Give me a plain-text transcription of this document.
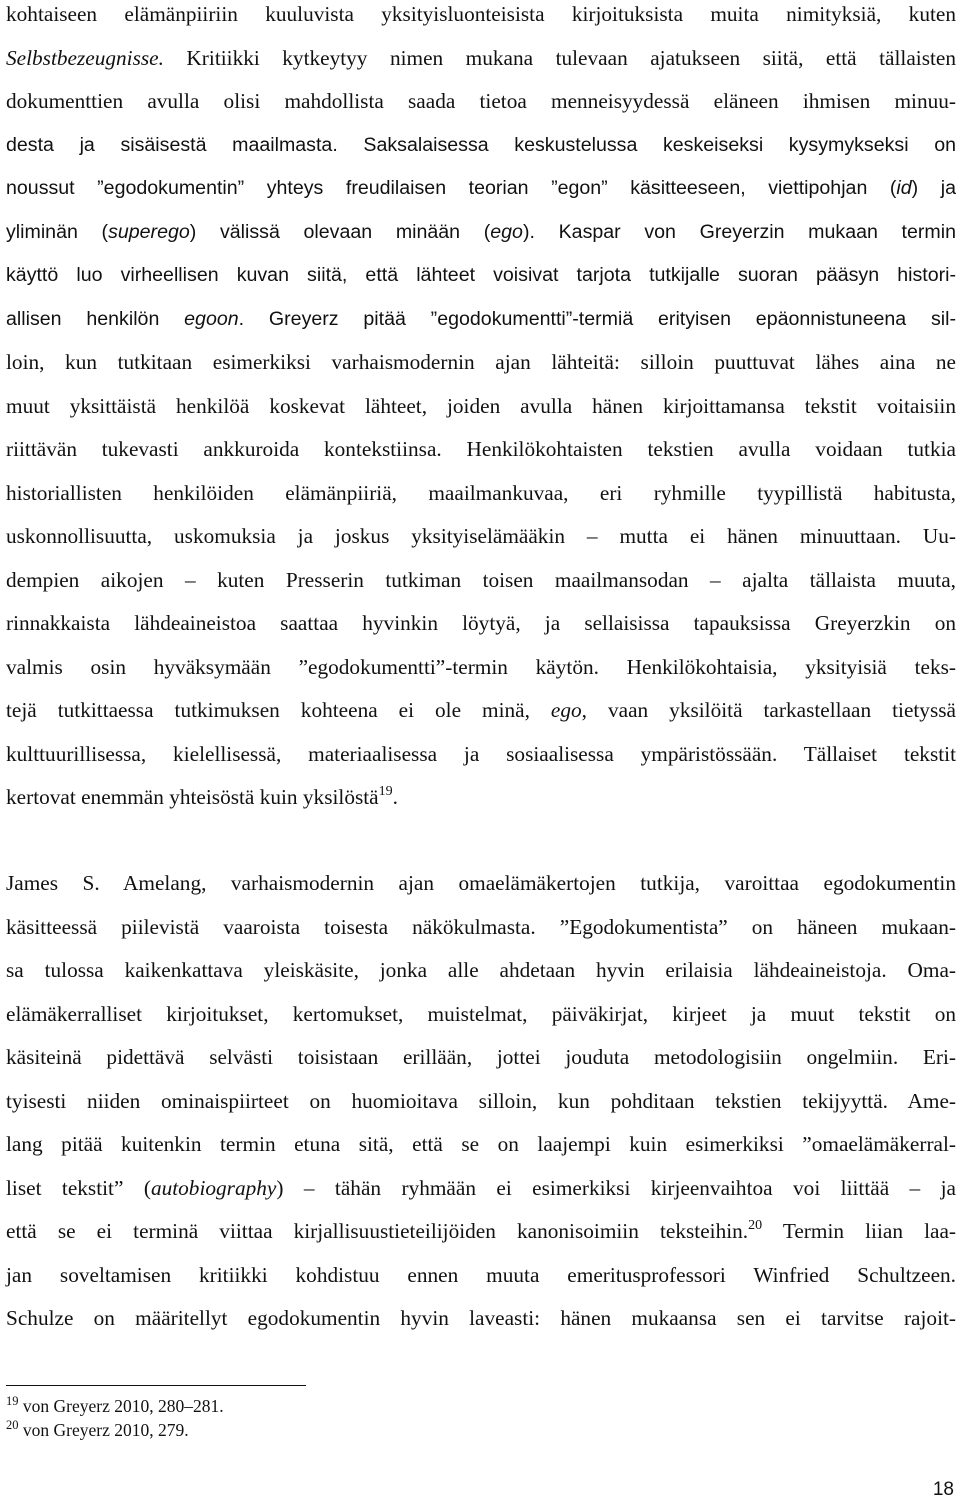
kohtaiseen elämänpiiriin kuuluvista yksityisluonteisista kirjoituksista muita nimityksiä, kuten
Selbstbezeugnisse. Kritiikki kytkeytyy nimen mukana tulevaan ajatukseen siitä, että tällaisten
dokumenttien avulla olisi mahdollista saada tietoa menneisyydessä eläneen ihmisen minuu-
desta ja sisäisestä maailmasta. Saksalaisessa keskustelussa keskeiseksi kysymykseksi on
noussut ”egodokumentin” yhteys freudilaisen teorian ”egon” käsitteeseen, viettipohjan (id) ja
yliminän (superego) välissä olevaan minään (ego). Kaspar von Greyerzin mukaan termin
käyttö luo virheellisen kuvan siitä, että lähteet voisivat tarjota tutkijalle suoran pääsyn histori-
allisen henkilön egoon. Greyerz pitää ”egodokumentti”-termiä erityisen epäonnistuneena sil-
loin, kun tutkitaan esimerkiksi varhaismodernin ajan lähteitä: silloin puuttuvat lähes aina ne
muut yksittäistä henkilöä koskevat lähteet, joiden avulla hänen kirjoittamansa tekstit voitaisiin
riittävän tukevasti ankkuroida kontekstiinsa. Henkilökohtaisten tekstien avulla voidaan tutkia
historiallisten henkilöiden elämänpiiriä, maailmankuvaa, eri ryhmille tyypillistä habitusta,
uskonnollisuutta, uskomuksia ja joskus yksityiselämääkin – mutta ei hänen minuuttaan. Uu-
dempien aikojen – kuten Presserin tutkiman toisen maailmansodan – ajalta tällaista muuta,
rinnakkaista lähdeaineistoa saattaa hyvinkin löytyä, ja sellaisissa tapauksissa Greyerzkin on
valmis osin hyväksymään ”egodokumentti”-termin käytön. Henkilökohtaisia, yksityisiä teks-
tejä tutkittaessa tutkimuksen kohteena ei ole minä, ego, vaan yksilöitä tarkastellaan tietyssä
kulttuurillisessa, kielellisessä, materiaalisessa ja sosiaalisessa ympäristössään. Tällaiset tekstit
kertovat enemmän yhteisöstä kuin yksilöstä$^{19}$.
James S. Amelang, varhaismodernin ajan omaelämäkertojen tutkija, varoittaa egodokumentin
käsitteessä piilevistä vaaroista toisesta näkökulmasta. ”Egodokumentista” on häneen mukaan-
sa tulossa kaikenkattava yleiskäsite, jonka alle ahdetaan hyvin erilaisia lähdeaineistoja. Oma-
elämäkerralliset kirjoitukset, kertomukset, muistelmat, päiväkirjat, kirjeet ja muut tekstit on
käsiteinä pidettävä selvästi toisistaan erillään, jottei jouduta metodologisiin ongelmiin. Eri-
tyisesti niiden ominaispiirteet on huomioitava silloin, kun pohditaan tekstien tekijyyttä. Ame-
lang pitää kuitenkin termin etuna sitä, että se on laajempi kuin esimerkiksi ”omaelämäkerral-
liset tekstit” (autobiography) – tähän ryhmään ei esimerkiksi kirjeenvaihtoa voi liittää – ja
että se ei terminä viittaa kirjallisuustieteilijöiden kanonisoimiin teksteihin.$^{20}$ Termin liian laa-
jan soveltamisen kritiikki kohdistuu ennen muuta emeritusprofessori Winfried Schultzeen.
Schulze on määritellyt egodokumentin hyvin laveasti: hänen mukaansa sen ei tarvitse rajoit-
$^{19}$ von Greyerz 2010, 280–281.
$^{20}$ von Greyerz 2010, 279.
18
